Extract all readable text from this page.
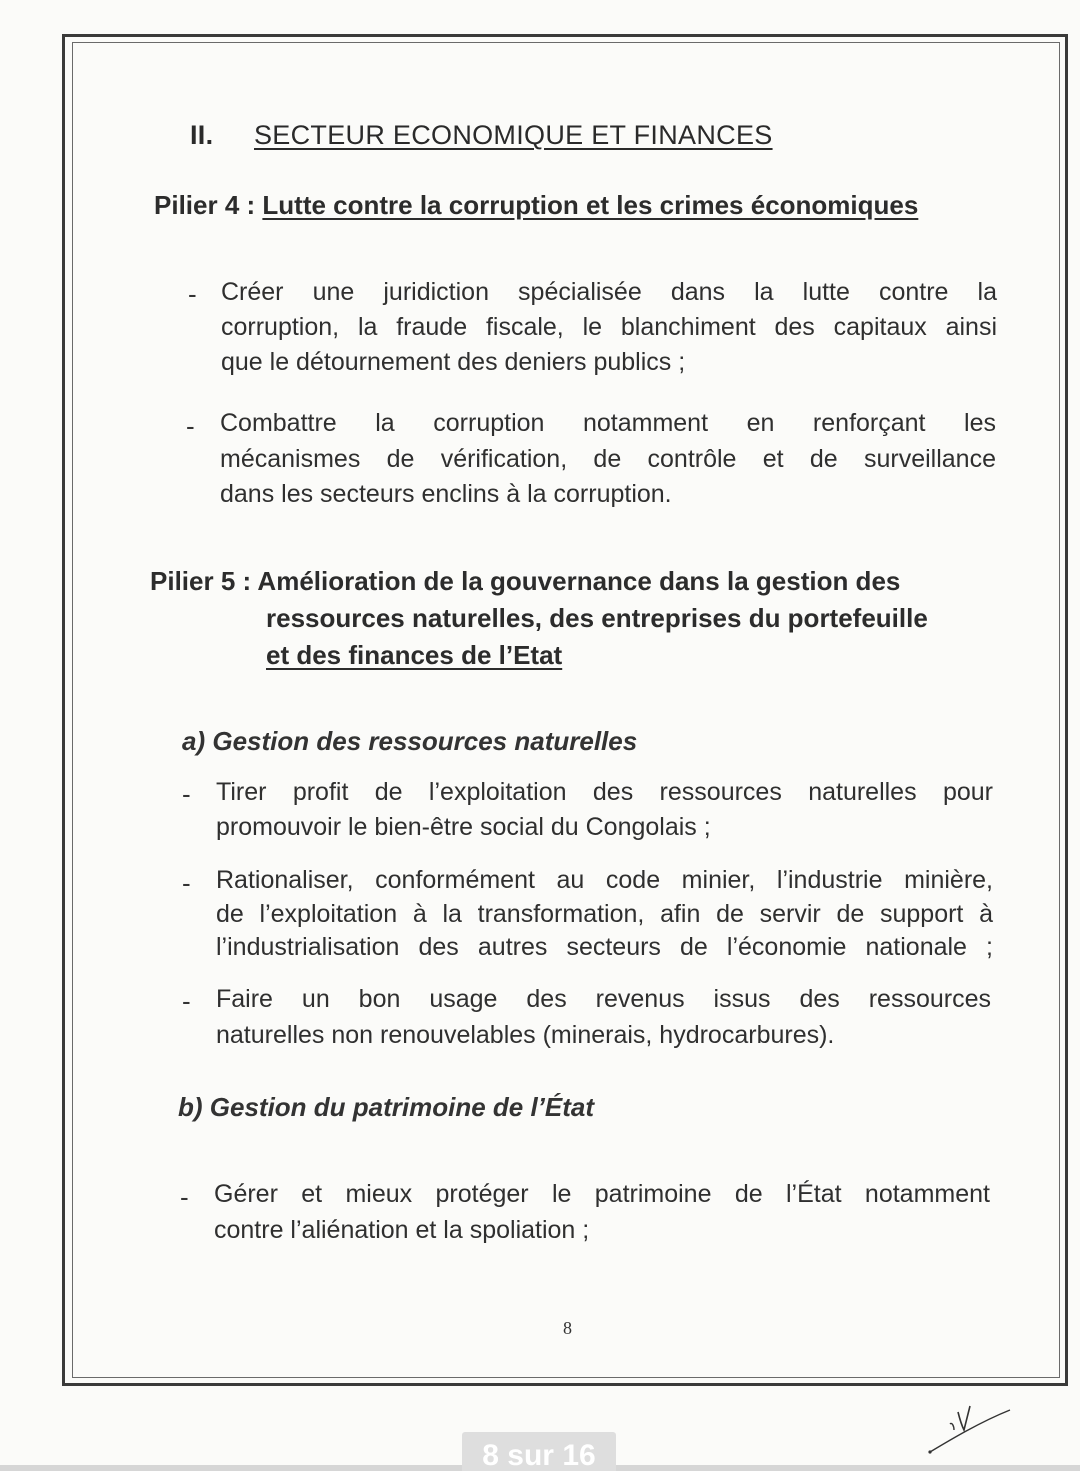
II. SECTEUR ECONOMIQUE ET FINANCES
Pilier 4 : Lutte contre la corruption et les crimes économiques
- Créer une juridiction spécialisée dans la lutte contre la
corruption, la fraude fiscale, le blanchiment des capitaux ainsi
que le détournement des deniers publics ;
- Combattre la corruption notamment en renforçant les
mécanismes de vérification, de contrôle et de surveillance
dans les secteurs enclins à la corruption.
Pilier 5 : Amélioration de la gouvernance dans la gestion des
ressources naturelles, des entreprises du portefeuille
et des finances de l’Etat
a) Gestion des ressources naturelles
- Tirer profit de l’exploitation des ressources naturelles pour
promouvoir le bien-être social du Congolais ;
- Rationaliser, conformément au code minier, l’industrie minière,
de l’exploitation à la transformation, afin de servir de support à
l’industrialisation des autres secteurs de l’économie nationale ;
- Faire un bon usage des revenus issus des ressources
naturelles non renouvelables (minerais, hydrocarbures).
b) Gestion du patrimoine de l’État
- Gérer et mieux protéger le patrimoine de l’État notamment
contre l’aliénation et la spoliation ;
8
8 sur 16
